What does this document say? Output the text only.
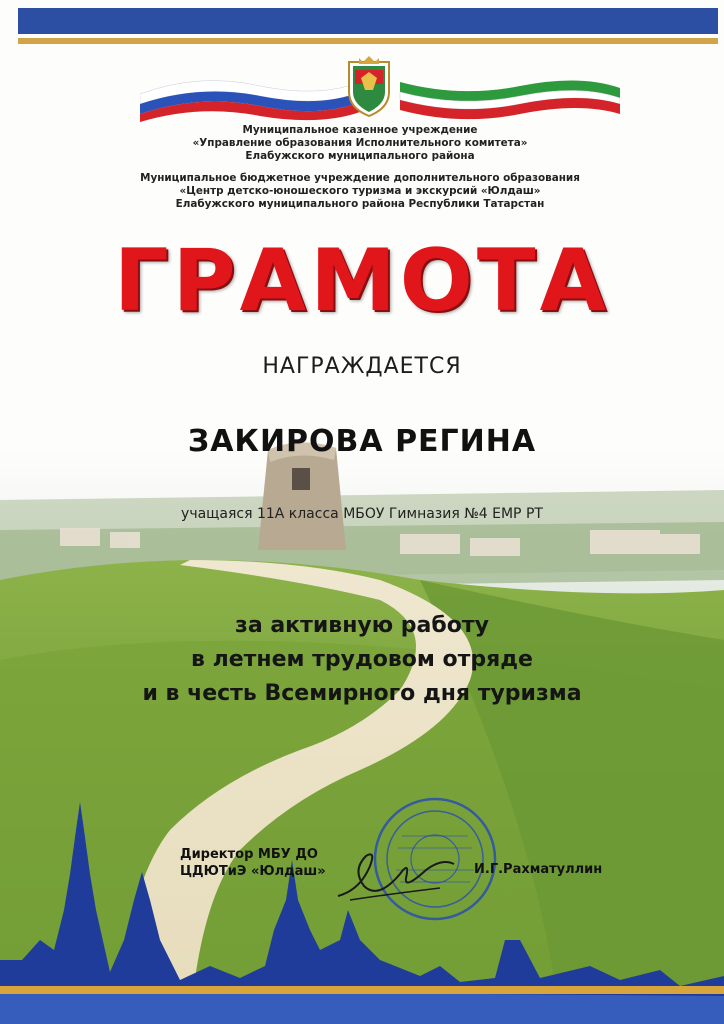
Муниципальное казенное учреждение
«Управление образования Исполнительного комитета»
Елабужского муниципального района
Муниципальное бюджетное учреждение дополнительного образования
«Центр детско-юношеского туризма и экскурсий «Юлдаш»
Елабужского муниципального района Республики Татарстан
ГРАМОТА
НАГРАЖДАЕТСЯ
ЗАКИРОВА РЕГИНА
учащаяся 11А класса МБОУ Гимназия №4 ЕМР РТ
за активную работу
в летнем трудовом отряде
и в честь Всемирного дня туризма
Директор МБУ ДО
ЦДЮТиЭ «Юлдаш»	И.Г.Рахматуллин
